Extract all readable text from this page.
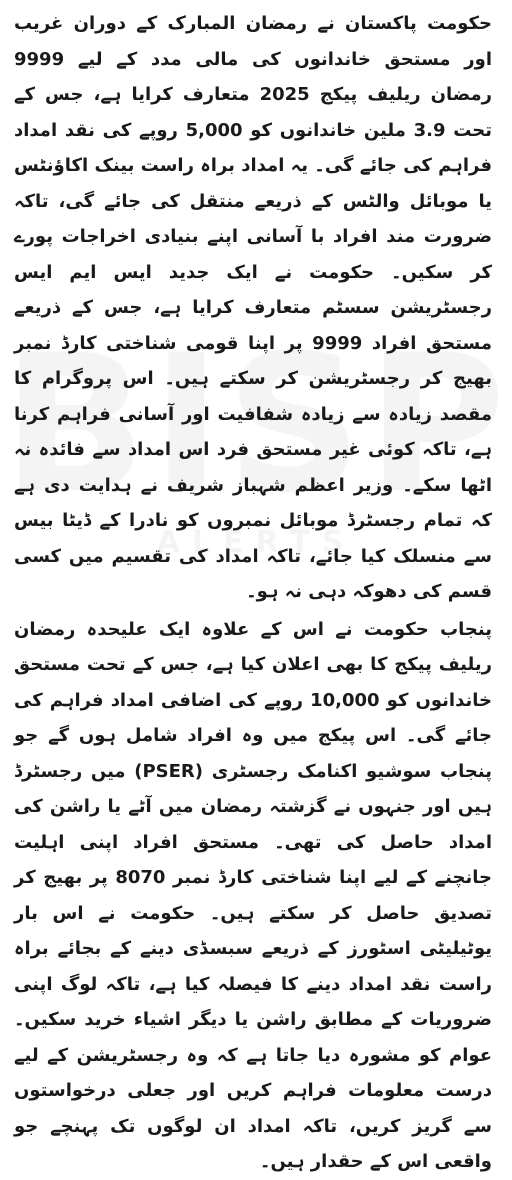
حکومت پاکستان نے رمضان المبارک کے دوران غریب اور مستحق خاندانوں کی مالی مدد کے لیے 9999 رمضان ریلیف پیکج 2025 متعارف کرایا ہے، جس کے تحت 3.9 ملین خاندانوں کو 5,000 روپے کی نقد امداد فراہم کی جائے گی۔ یہ امداد براہ راست بینک اکاؤنٹس یا موبائل والٹس کے ذریعے منتقل کی جائے گی، تاکہ ضرورت مند افراد با آسانی اپنے بنیادی اخراجات پورے کر سکیں۔ حکومت نے ایک جدید ایس ایم ایس رجسٹریشن سسٹم متعارف کرایا ہے، جس کے ذریعے مستحق افراد 9999 پر اپنا قومی شناختی کارڈ نمبر بھیج کر رجسٹریشن کر سکتے ہیں۔ اس پروگرام کا مقصد زیادہ سے زیادہ شفافیت اور آسانی فراہم کرنا ہے، تاکہ کوئی غیر مستحق فرد اس امداد سے فائدہ نہ اٹھا سکے۔ وزیر اعظم شہباز شریف نے ہدایت دی ہے کہ تمام رجسٹرڈ موبائل نمبروں کو نادرا کے ڈیٹا بیس سے منسلک کیا جائے، تاکہ امداد کی تقسیم میں کسی قسم کی دھوکہ دہی نہ ہو۔

پنجاب حکومت نے اس کے علاوہ ایک علیحدہ رمضان ریلیف پیکج کا بھی اعلان کیا ہے، جس کے تحت مستحق خاندانوں کو 10,000 روپے کی اضافی امداد فراہم کی جائے گی۔ اس پیکج میں وہ افراد شامل ہوں گے جو پنجاب سوشیو اکنامک رجسٹری (PSER) میں رجسٹرڈ ہیں اور جنہوں نے گزشتہ رمضان میں آٹے یا راشن کی امداد حاصل کی تھی۔ مستحق افراد اپنی اہلیت جانچنے کے لیے اپنا شناختی کارڈ نمبر 8070 پر بھیج کر تصدیق حاصل کر سکتے ہیں۔ حکومت نے اس بار یوٹیلیٹی اسٹورز کے ذریعے سبسڈی دینے کے بجائے براہ راست نقد امداد دینے کا فیصلہ کیا ہے، تاکہ لوگ اپنی ضروریات کے مطابق راشن یا دیگر اشیاء خرید سکیں۔ عوام کو مشورہ دیا جاتا ہے کہ وہ رجسٹریشن کے لیے درست معلومات فراہم کریں اور جعلی درخواستوں سے گریز کریں، تاکہ امداد ان لوگوں تک پہنچے جو واقعی اس کے حقدار ہیں۔
